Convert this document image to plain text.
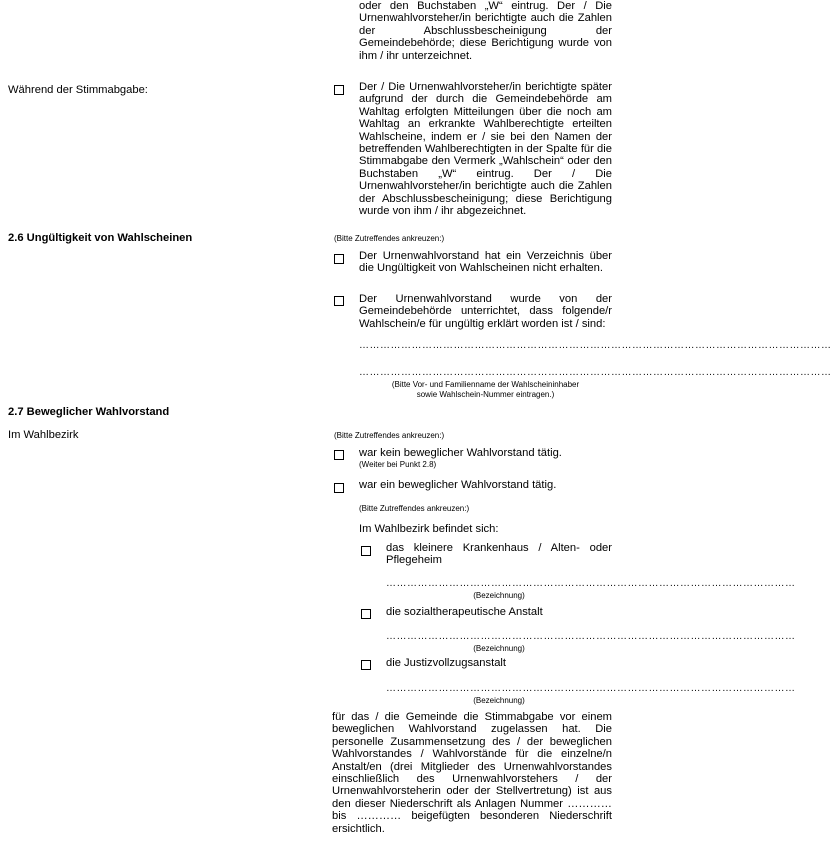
oder den Buchstaben „W“ eintrug. Der / Die Urnenwahlvorsteher/in berichtigte auch die Zahlen der Abschlussbescheinigung der Gemeindebehörde; diese Berichtigung wurde von ihm / ihr unterzeichnet.
Während der Stimmabgabe:	Der / Die Urnenwahlvorsteher/in berichtigte später aufgrund der durch die Gemeindebehörde am Wahltag erfolgten Mitteilungen über die noch am Wahltag an erkrankte Wahlberechtigte erteilten Wahlscheine, indem er / sie bei den Namen der betreffenden Wahlberechtigten in der Spalte für die Stimmabgabe den Vermerk „Wahlschein“ oder den Buchstaben „W“ eintrug. Der / Die Urnenwahlvorsteher/in berichtigte auch die Zahlen der Abschlussbescheinigung; diese Berichtigung wurde von ihm / ihr abgezeichnet.
2.6 Ungültigkeit von Wahlscheinen	(Bitte Zutreffendes ankreuzen:)
Der Urnenwahlvorstand hat ein Verzeichnis über die Ungültigkeit von Wahlscheinen nicht erhalten.
Der Urnenwahlvorstand wurde von der Gemeindebehörde unterrichtet, dass folgende/r Wahlschein/e für ungültig erklärt worden ist / sind:
………………………………………………………………………………………………………………………
………………………………………………………………………………………………………………………
(Bitte Vor- und Familienname der Wahlscheininhaber
sowie Wahlschein-Nummer eintragen.)
2.7 Beweglicher Wahlvorstand
Im Wahlbezirk	(Bitte Zutreffendes ankreuzen:)
war kein beweglicher Wahlvorstand tätig.
(Weiter bei Punkt 2.8)
war ein beweglicher Wahlvorstand tätig.
(Bitte Zutreffendes ankreuzen:)
Im Wahlbezirk befindet sich:
das kleinere Krankenhaus / Alten- oder Pflegeheim
………………………………………………………………………………………………………
(Bezeichnung)
die sozialtherapeutische Anstalt
………………………………………………………………………………………………………
(Bezeichnung)
die Justizvollzugsanstalt
………………………………………………………………………………………………………
(Bezeichnung)
für das / die Gemeinde die Stimmabgabe vor einem beweglichen Wahlvorstand zugelassen hat. Die personelle Zusammensetzung des / der beweglichen Wahlvorstandes / Wahlvorstände für die einzelne/n Anstalt/en (drei Mitglieder des Urnenwahlvorstandes einschließlich des Urnenwahlvorstehers / der Urnenwahlvorsteherin oder der Stellvertretung) ist aus den dieser Niederschrift als Anlagen Nummer ………… bis ………… beigefügten besonderen Niederschrift ersichtlich.
